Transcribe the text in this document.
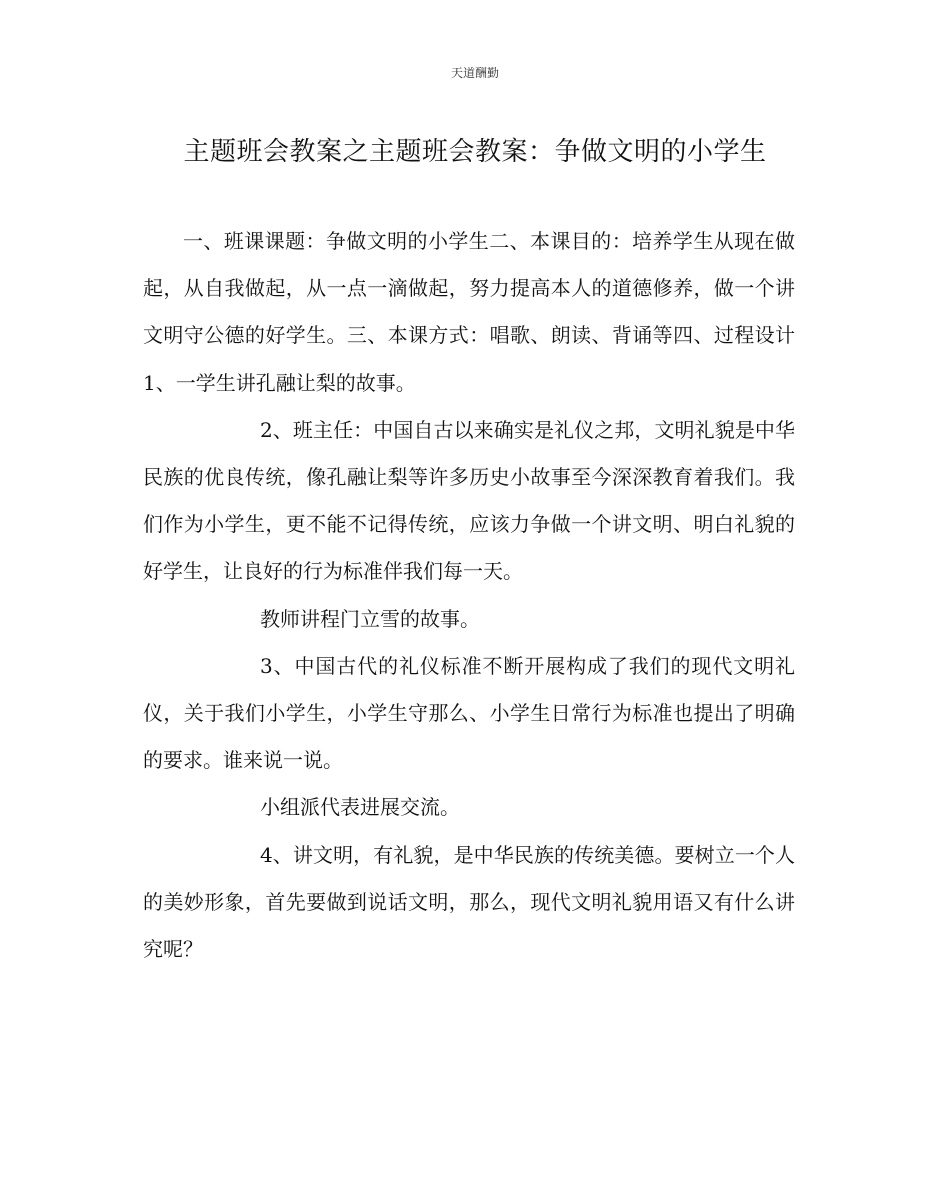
天道酬勤
主题班会教案之主题班会教案：争做文明的小学生

一、班课课题：争做文明的小学生二、本课目的：培养学生从现在做起，从自我做起，从一点一滴做起，努力提高本人的道德修养，做一个讲文明守公德的好学生。三、本课方式：唱歌、朗读、背诵等四、过程设计　1、一学生讲孔融让梨的故事。

2、班主任：中国自古以来确实是礼仪之邦，文明礼貌是中华民族的优良传统，像孔融让梨等许多历史小故事至今深深教育着我们。我们作为小学生，更不能不记得传统，应该力争做一个讲文明、明白礼貌的好学生，让良好的行为标准伴我们每一天。

教师讲程门立雪的故事。

3、中国古代的礼仪标准不断开展构成了我们的现代文明礼仪，关于我们小学生，小学生守那么、小学生日常行为标准也提出了明确的要求。谁来说一说。

小组派代表进展交流。

4、讲文明，有礼貌，是中华民族的传统美德。要树立一个人的美妙形象，首先要做到说话文明，那么，现代文明礼貌用语又有什么讲究呢？
